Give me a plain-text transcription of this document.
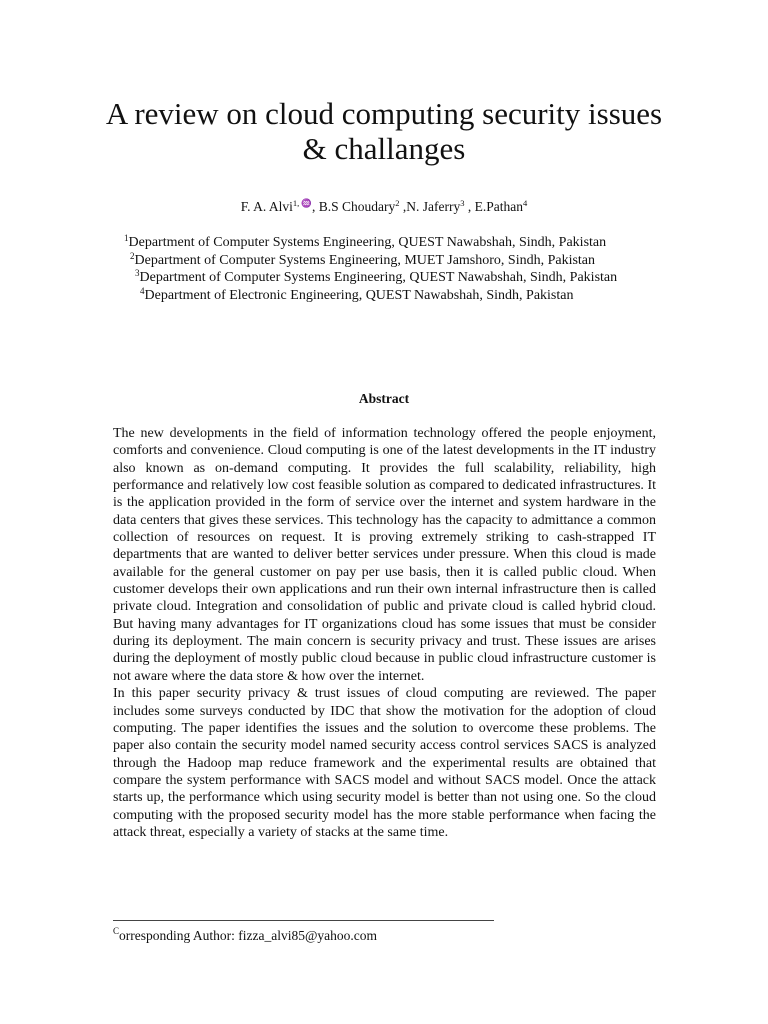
A review on cloud computing security issues
& challanges
F. A. Alvi$^{1, ♒}$, B.S Choudary$^2$ ,N. Jaferry$^3$ , E.Pathan$^4$
$^1$Department of Computer Systems Engineering, QUEST Nawabshah, Sindh, Pakistan
$^2$Department of Computer Systems Engineering, MUET Jamshoro, Sindh, Pakistan
$^3$Department of Computer Systems Engineering, QUEST Nawabshah, Sindh, Pakistan
$^4$Department of Electronic Engineering, QUEST Nawabshah, Sindh, Pakistan
Abstract

The new developments in the field of information technology offered the people enjoyment, comforts and convenience. Cloud computing is one of the latest developments in the IT industry also known as on-demand computing. It provides the full scalability, reliability, high performance and relatively low cost feasible solution as compared to dedicated infrastructures. It is the application provided in the form of service over the internet and system hardware in the data centers that gives these services. This technology has the capacity to admittance a common collection of resources on request. It is proving extremely striking to cash-strapped IT departments that are wanted to deliver better services under pressure. When this cloud is made available for the general customer on pay per use basis, then it is called public cloud. When customer develops their own applications and run their own internal infrastructure then is called private cloud. Integration and consolidation of public and private cloud is called hybrid cloud. But having many advantages for IT organizations cloud has some issues that must be consider during its deployment. The main concern is security privacy and trust. These issues are arises during the deployment of mostly public cloud because in public cloud infrastructure customer is not aware where the data store & how over the internet.

In this paper security privacy & trust issues of cloud computing are reviewed. The paper includes some surveys conducted by IDC that show the motivation for the adoption of cloud computing. The paper identifies the issues and the solution to overcome these problems. The paper also contain the security model named security access control services SACS is analyzed through the Hadoop map reduce framework and the experimental results are obtained that compare the system performance with SACS model and without SACS model. Once the attack starts up, the performance which using security model is better than not using one. So the cloud computing with the proposed security model has the more stable performance when facing the attack threat, especially a variety of stacks at the same time.

$^C$orresponding Author: fizza_alvi85@yahoo.com
